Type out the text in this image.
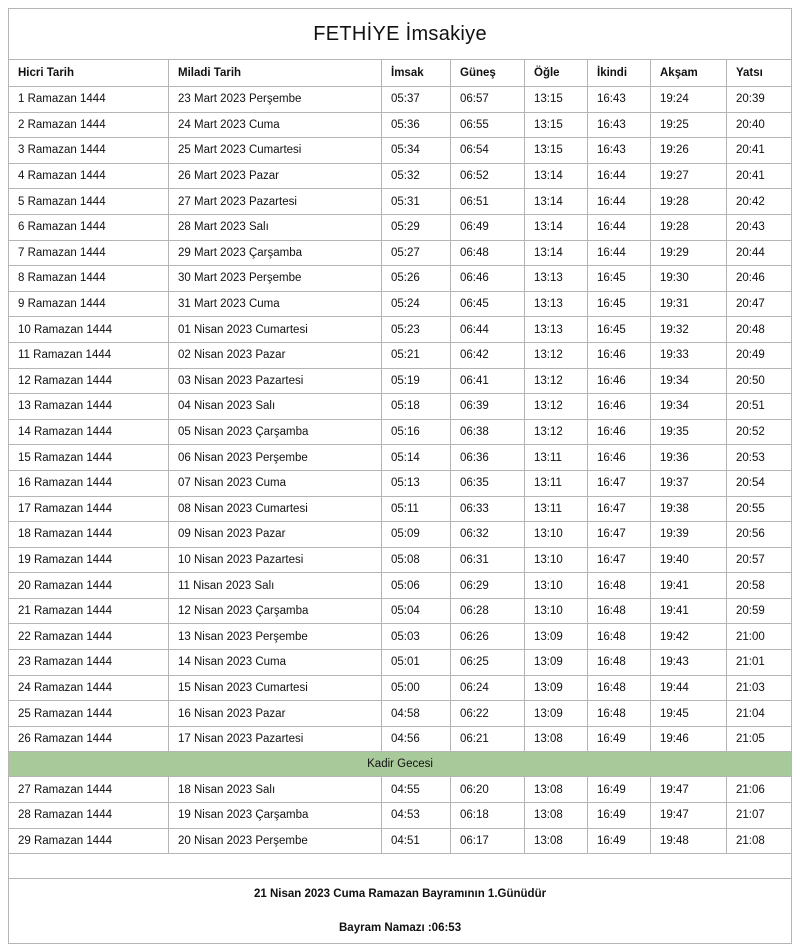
FETHİYE İmsakiye							
Hicri Tarih	Miladi Tarih	İmsak	Güneş	Öğle	İkindi	Akşam	Yatsı
1 Ramazan 1444	23 Mart 2023 Perşembe	05:37	06:57	13:15	16:43	19:24	20:39
2 Ramazan 1444	24 Mart 2023 Cuma	05:36	06:55	13:15	16:43	19:25	20:40
3 Ramazan 1444	25 Mart 2023 Cumartesi	05:34	06:54	13:15	16:43	19:26	20:41
4 Ramazan 1444	26 Mart 2023 Pazar	05:32	06:52	13:14	16:44	19:27	20:41
5 Ramazan 1444	27 Mart 2023 Pazartesi	05:31	06:51	13:14	16:44	19:28	20:42
6 Ramazan 1444	28 Mart 2023 Salı	05:29	06:49	13:14	16:44	19:28	20:43
7 Ramazan 1444	29 Mart 2023 Çarşamba	05:27	06:48	13:14	16:44	19:29	20:44
8 Ramazan 1444	30 Mart 2023 Perşembe	05:26	06:46	13:13	16:45	19:30	20:46
9 Ramazan 1444	31 Mart 2023 Cuma	05:24	06:45	13:13	16:45	19:31	20:47
10 Ramazan 1444	01 Nisan 2023 Cumartesi	05:23	06:44	13:13	16:45	19:32	20:48
11 Ramazan 1444	02 Nisan 2023 Pazar	05:21	06:42	13:12	16:46	19:33	20:49
12 Ramazan 1444	03 Nisan 2023 Pazartesi	05:19	06:41	13:12	16:46	19:34	20:50
13 Ramazan 1444	04 Nisan 2023 Salı	05:18	06:39	13:12	16:46	19:34	20:51
14 Ramazan 1444	05 Nisan 2023 Çarşamba	05:16	06:38	13:12	16:46	19:35	20:52
15 Ramazan 1444	06 Nisan 2023 Perşembe	05:14	06:36	13:11	16:46	19:36	20:53
16 Ramazan 1444	07 Nisan 2023 Cuma	05:13	06:35	13:11	16:47	19:37	20:54
17 Ramazan 1444	08 Nisan 2023 Cumartesi	05:11	06:33	13:11	16:47	19:38	20:55
18 Ramazan 1444	09 Nisan 2023 Pazar	05:09	06:32	13:10	16:47	19:39	20:56
19 Ramazan 1444	10 Nisan 2023 Pazartesi	05:08	06:31	13:10	16:47	19:40	20:57
20 Ramazan 1444	11 Nisan 2023 Salı	05:06	06:29	13:10	16:48	19:41	20:58
21 Ramazan 1444	12 Nisan 2023 Çarşamba	05:04	06:28	13:10	16:48	19:41	20:59
22 Ramazan 1444	13 Nisan 2023 Perşembe	05:03	06:26	13:09	16:48	19:42	21:00
23 Ramazan 1444	14 Nisan 2023 Cuma	05:01	06:25	13:09	16:48	19:43	21:01
24 Ramazan 1444	15 Nisan 2023 Cumartesi	05:00	06:24	13:09	16:48	19:44	21:03
25 Ramazan 1444	16 Nisan 2023 Pazar	04:58	06:22	13:09	16:48	19:45	21:04
26 Ramazan 1444	17 Nisan 2023 Pazartesi	04:56	06:21	13:08	16:49	19:46	21:05
Kadir Gecesi							
27 Ramazan 1444	18 Nisan 2023 Salı	04:55	06:20	13:08	16:49	19:47	21:06
28 Ramazan 1444	19 Nisan 2023 Çarşamba	04:53	06:18	13:08	16:49	19:47	21:07
29 Ramazan 1444	20 Nisan 2023 Perşembe	04:51	06:17	13:08	16:49	19:48	21:08

21 Nisan 2023 Cuma Ramazan Bayramının 1.Günüdür
Bayram Namazı :06:53							
